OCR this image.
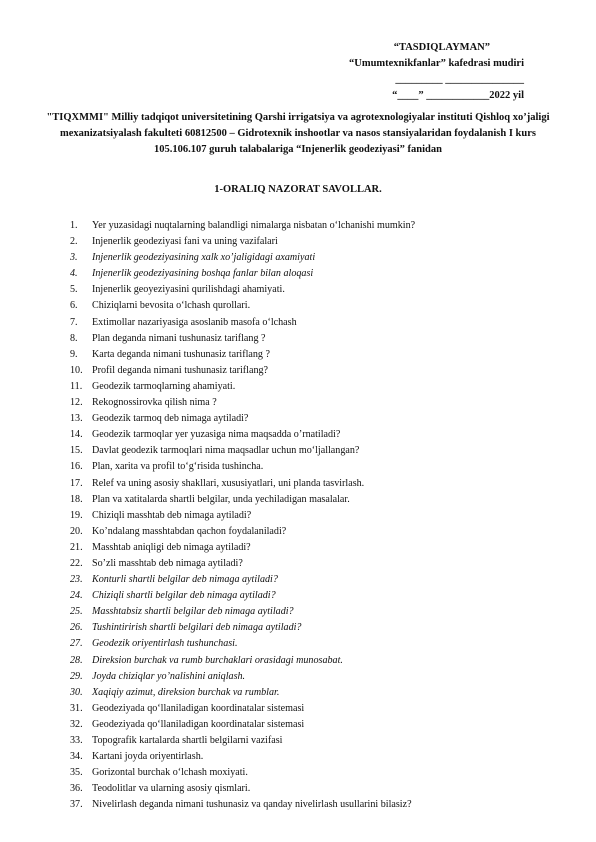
“TASDIQLAYMAN”
“Umumtexnikfanlar” kafedrasi mudiri
_________ _______________
“____” ____________2022 yil
"TIQXMMI" Milliy tadqiqot universitetining Qarshi irrigatsiya va agrotexnologiyalar instituti Qishloq xo’jaligi mexanizatsiyalash fakulteti 60812500 – Gidrotexnik inshootlar va nasos stansiyalaridan foydalanish I kurs 105.106.107 guruh talabalariga “Injenerlik geodeziyasi” fanidan
1-ORALIQ NAZORAT SAVOLLAR.
1.	Yer yuzasidagi nuqtalarning balandligi nimalarga nisbatan o‘lchanishi mumkin?
2.	Injenerlik geodeziyasi fani va uning vazifalari
3.	Injenerlik geodeziyasining xalk xo’jaligidagi axamiyati
4.	Injenerlik geodeziyasining boshqa fanlar bilan aloqasi
5.	Injenerlik geoyeziyasini qurilishdagi ahamiyati.
6.	Chiziqlarni bevosita o‘lchash qurollari.
7.	Extimollar nazariyasiga asoslanib masofa o‘lchash
8.	Plan deganda nimani tushunasiz tariflang ?
9.	Karta deganda nimani tushunasiz tariflang ?
10. Profil deganda nimani tushunasiz tariflang?
11. Geodezik tarmoqlarning ahamiyati.
12. Rekognossirovka qilish nima ?
13. Geodezik tarmoq deb nimaga aytiladi?
14. Geodezik tarmoqlar yer yuzasiga nima maqsadda o’rnatiladi?
15. Davlat geodezik tarmoqlari nima maqsadlar uchun mo‘ljallangan?
16. Plan, xarita va profil to‘g‘risida tushincha.
17. Relef va uning asosiy shakllari, xususiyatlari, uni planda tasvirlash.
18. Plan va xatitalarda shartli belgilar, unda yechiladigan masalalar.
19. Chiziqli masshtab deb nimaga aytiladi?
20. Ko’ndalang masshtabdan qachon foydalaniladi?
21. Masshtab aniqligi deb nimaga aytiladi?
22. So’zli masshtab deb nimaga aytiladi?
23. Konturli shartli belgilar deb nimaga aytiladi?
24. Chiziqli shartli belgilar deb nimaga aytiladi?
25. Masshtabsiz shartli belgilar deb nimaga aytiladi?
26. Tushintirirish shartli belgilari deb nimaga aytiladi?
27. Geodezik oriyentirlash tushunchasi.
28. Direksion burchak va rumb burchaklari orasidagi munosabat.
29. Joyda chiziqlar yo’nalishini aniqlash.
30. Xaqiqiy azimut, direksion burchak va rumblar.
31. Geodeziyada qo‘llaniladigan koordinatalar sistemasi
32. Geodeziyada qo‘llaniladigan koordinatalar sistemasi
33. Topografik kartalarda shartli belgilarni vazifasi
34. Kartani joyda oriyentirlash.
35. Gorizontal burchak o‘lchash moxiyati.
36. Teodolitlar va ularning asosiy qismlari.
37. Nivelirlash deganda nimani tushunasiz va qanday nivelirlash usullarini bilasiz?
